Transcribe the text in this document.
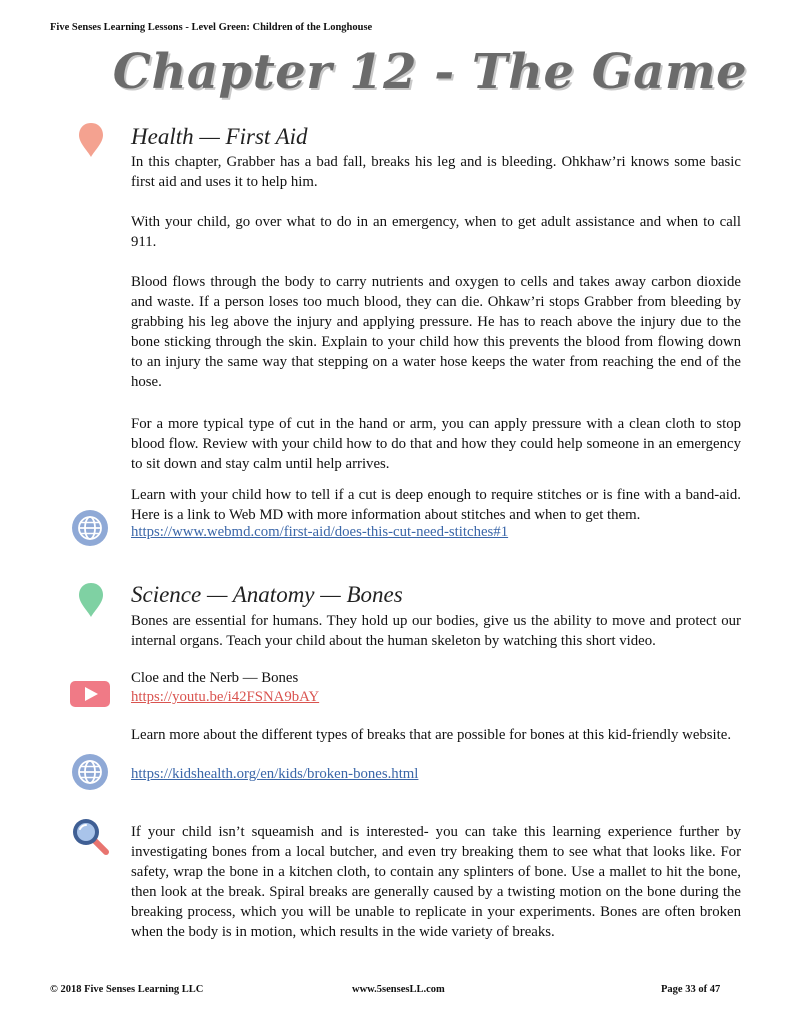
Five Senses Learning Lessons - Level Green: Children of the Longhouse
Chapter 12 - The Game
Health — First Aid

In this chapter, Grabber has a bad fall, breaks his leg and is bleeding. Ohkhaw’ri knows some basic first aid and uses it to help him.

With your child, go over what to do in an emergency, when to get adult assistance and when to call 911.

Blood flows through the body to carry nutrients and oxygen to cells and takes away carbon dioxide and waste. If a person loses too much blood, they can die. Ohkaw’ri stops Grabber from bleeding by grabbing his leg above the injury and applying pressure. He has to reach above the injury due to the bone sticking through the skin. Explain to your child how this prevents the blood from flowing down to an injury the same way that stepping on a water hose keeps the water from reaching the end of the hose.

For a more typical type of cut in the hand or arm, you can apply pressure with a clean cloth to stop blood flow. Review with your child how to do that and how they could help someone in an emergency to sit down and stay calm until help arrives.

Learn with your child how to tell if a cut is deep enough to require stitches or is fine with a band-aid. Here is a link to Web MD with more information about stitches and when to get them.

https://www.webmd.com/first-aid/does-this-cut-need-stitches#1
Science — Anatomy — Bones

Bones are essential for humans. They hold up our bodies, give us the ability to move and protect our internal organs. Teach your child about the human skeleton by watching this short video.

Cloe and the Nerb — Bones
https://youtu.be/i42FSNA9bAY

Learn more about the different types of breaks that are possible for bones at this kid-friendly website.

https://kidshealth.org/en/kids/broken-bones.html

If your child isn’t squeamish and is interested- you can take this learning experience further by investigating bones from a local butcher, and even try breaking them to see what that looks like. For safety, wrap the bone in a kitchen cloth, to contain any splinters of bone. Use a mallet to hit the bone, then look at the break. Spiral breaks are generally caused by a twisting motion on the bone during the breaking process, which you will be unable to replicate in your experiments. Bones are often broken when the body is in motion, which results in the wide variety of breaks.

© 2018 Five Senses Learning LLC	www.5sensesLL.com	Page 33 of 47
